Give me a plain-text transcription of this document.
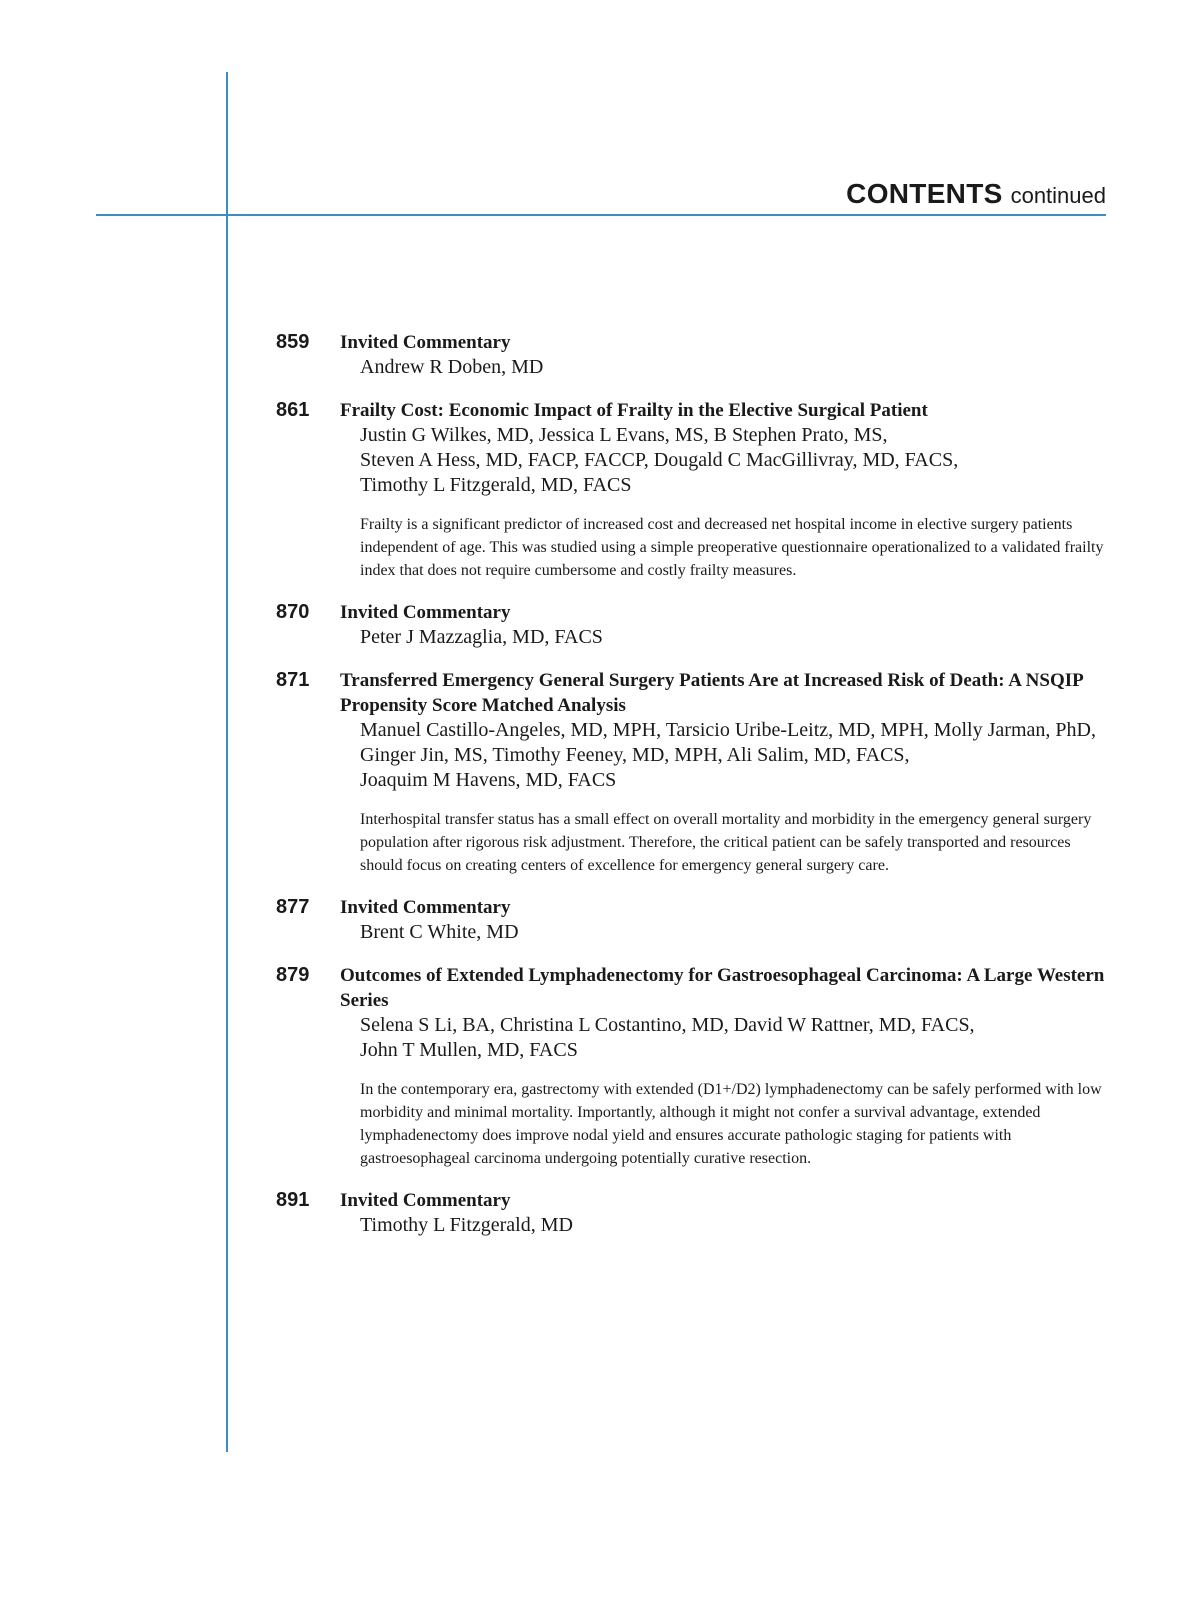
CONTENTS continued
859 Invited Commentary
Andrew R Doben, MD
861 Frailty Cost: Economic Impact of Frailty in the Elective Surgical Patient
Justin G Wilkes, MD, Jessica L Evans, MS, B Stephen Prato, MS,
Steven A Hess, MD, FACP, FACCP, Dougald C MacGillivray, MD, FACS,
Timothy L Fitzgerald, MD, FACS
Frailty is a significant predictor of increased cost and decreased net hospital income in elective surgery patients independent of age. This was studied using a simple preoperative questionnaire operationalized to a validated frailty index that does not require cumbersome and costly frailty measures.
870 Invited Commentary
Peter J Mazzaglia, MD, FACS
871 Transferred Emergency General Surgery Patients Are at Increased Risk of Death: A NSQIP Propensity Score Matched Analysis
Manuel Castillo-Angeles, MD, MPH, Tarsicio Uribe-Leitz, MD, MPH, Molly Jarman, PhD,
Ginger Jin, MS, Timothy Feeney, MD, MPH, Ali Salim, MD, FACS,
Joaquim M Havens, MD, FACS
Interhospital transfer status has a small effect on overall mortality and morbidity in the emergency general surgery population after rigorous risk adjustment. Therefore, the critical patient can be safely transported and resources should focus on creating centers of excellence for emergency general surgery care.
877 Invited Commentary
Brent C White, MD
879 Outcomes of Extended Lymphadenectomy for Gastroesophageal Carcinoma: A Large Western Series
Selena S Li, BA, Christina L Costantino, MD, David W Rattner, MD, FACS,
John T Mullen, MD, FACS
In the contemporary era, gastrectomy with extended (D1+/D2) lymphadenectomy can be safely performed with low morbidity and minimal mortality. Importantly, although it might not confer a survival advantage, extended lymphadenectomy does improve nodal yield and ensures accurate pathologic staging for patients with gastroesophageal carcinoma undergoing potentially curative resection.
891 Invited Commentary
Timothy L Fitzgerald, MD
